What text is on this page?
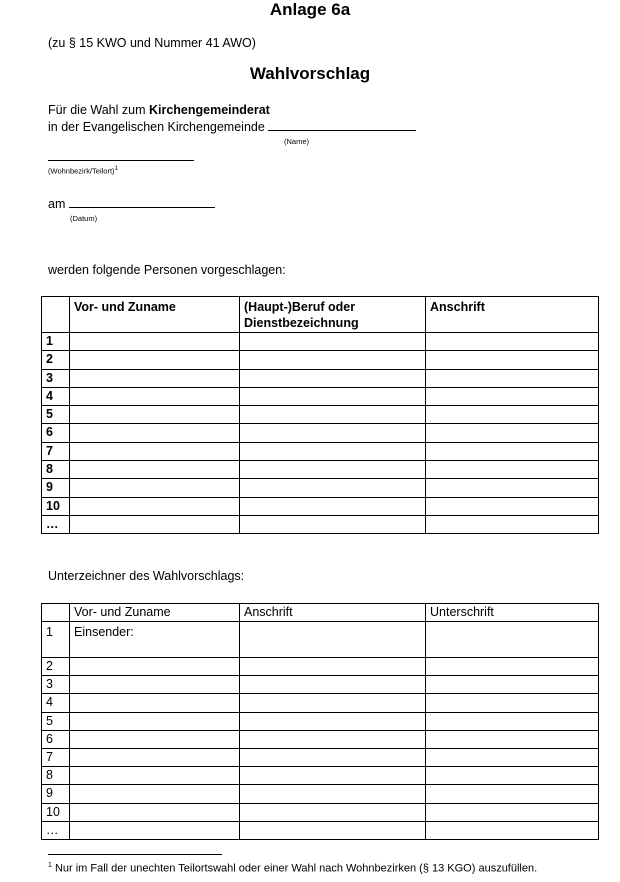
Anlage 6a
(zu § 15 KWO und Nummer 41 AWO)
Wahlvorschlag
Für die Wahl zum Kirchengemeinderat
in der Evangelischen Kirchengemeinde
(Name)
(Wohnbezirk/Teilort)$^1$
am
(Datum)
werden folgende Personen vorgeschlagen:
	Vor- und Zuname	(Haupt-)Beruf oder Dienstbezeichnung	Anschrift
1			
2			
3			
4			
5			
6			
7			
8			
9			
10			
…			
Unterzeichner des Wahlvorschlags:
	Vor- und Zuname	Anschrift	Unterschrift
1	Einsender:		
2			
3			
4			
5			
6			
7			
8			
9			
10			
…			
$^1$ Nur im Fall der unechten Teilortswahl oder einer Wahl nach Wohnbezirken (§ 13 KGO) auszufüllen.
